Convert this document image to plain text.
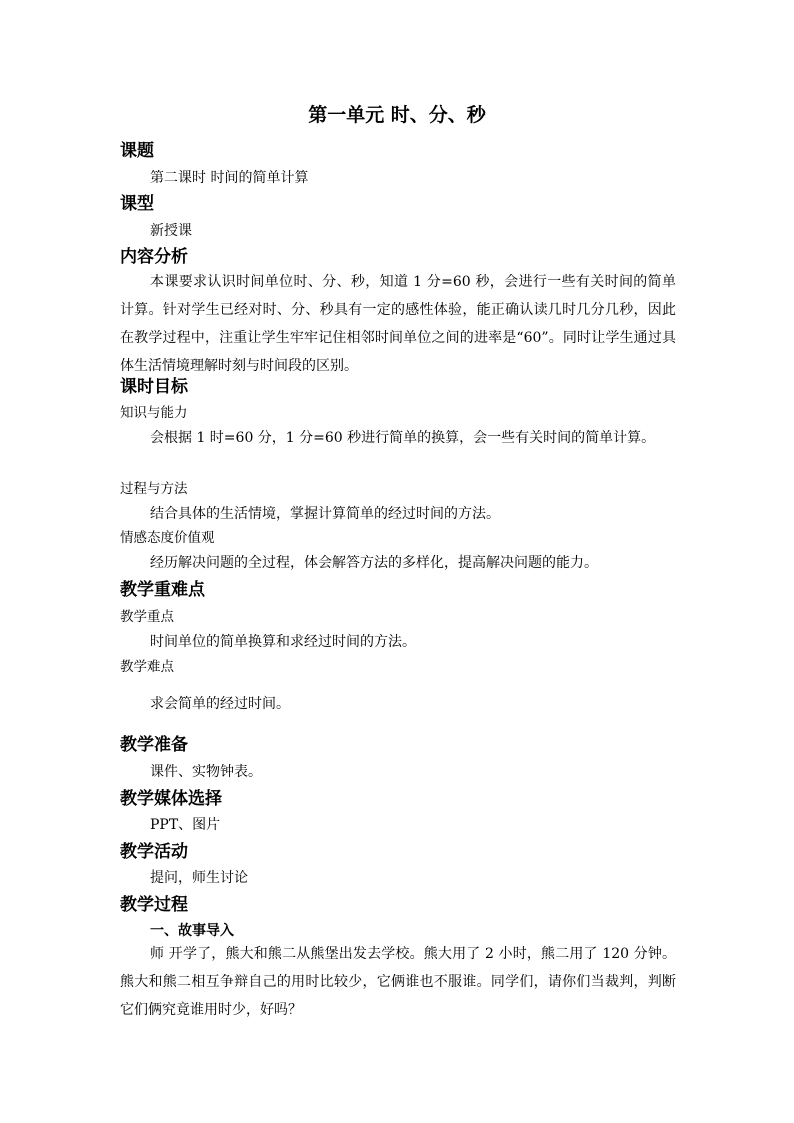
第一单元 时、分、秒
课题
第二课时 时间的简单计算
课型
新授课
内容分析
本课要求认识时间单位时、分、秒，知道 1 分=60 秒，会进行一些有关时间的简单计算。针对学生已经对时、分、秒具有一定的感性体验，能正确认读几时几分几秒，因此在教学过程中，注重让学生牢牢记住相邻时间单位之间的进率是“60”。同时让学生通过具体生活情境理解时刻与时间段的区别。
课时目标
知识与能力
会根据 1 时=60 分，1 分=60 秒进行简单的换算，会一些有关时间的简单计算。
过程与方法
结合具体的生活情境，掌握计算简单的经过时间的方法。
情感态度价值观
经历解决问题的全过程，体会解答方法的多样化，提高解决问题的能力。
教学重难点
教学重点
时间单位的简单换算和求经过时间的方法。
教学难点
求会简单的经过时间。
教学准备
课件、实物钟表。
教学媒体选择
PPT、图片
教学活动
提问，师生讨论
教学过程
一、故事导入
师 开学了，熊大和熊二从熊堡出发去学校。熊大用了 2 小时，熊二用了 120 分钟。熊大和熊二相互争辩自己的用时比较少，它俩谁也不服谁。同学们，请你们当裁判，判断它们俩究竟谁用时少，好吗？
